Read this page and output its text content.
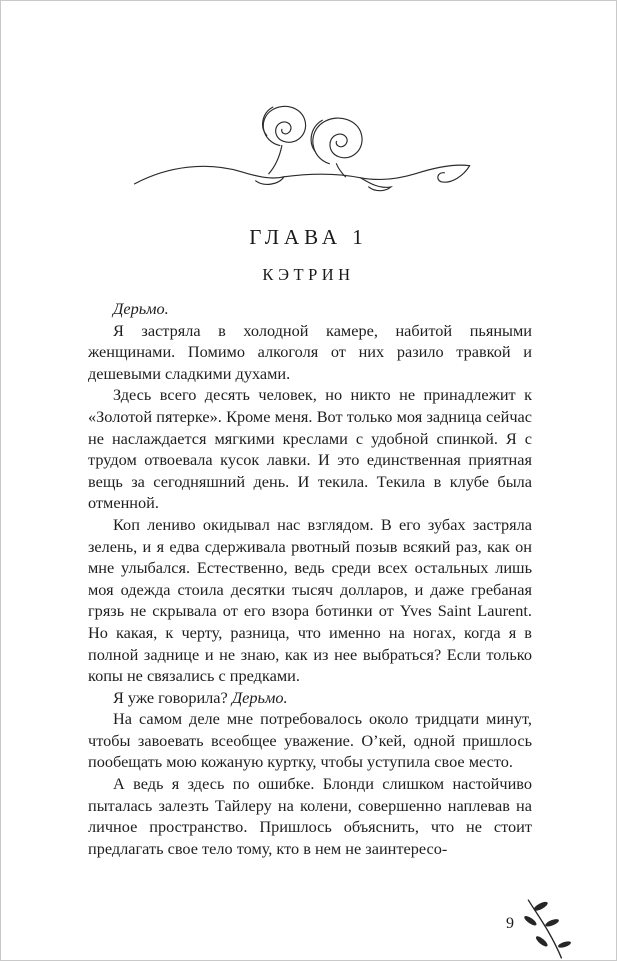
ГЛАВА 1
КЭТРИН

Дерьмо.

Я застряла в холодной камере, набитой пьяными женщинами. Помимо алкоголя от них разило травкой и дешевыми сладкими духами.

Здесь всего десять человек, но никто не принадлежит к «Золотой пятерке». Кроме меня. Вот только моя задница сейчас не наслаждается мягкими креслами с удобной спинкой. Я с трудом отвоевала кусок лавки. И это единственная приятная вещь за сегодняшний день. И текила. Текила в клубе была отменной.

Коп лениво окидывал нас взглядом. В его зубах застряла зелень, и я едва сдерживала рвотный позыв всякий раз, как он мне улыбался. Естественно, ведь среди всех остальных лишь моя одежда стоила десятки тысяч долларов, и даже гребаная грязь не скрывала от его взора ботинки от Yves Saint Laurent. Но какая, к черту, разница, что именно на ногах, когда я в полной заднице и не знаю, как из нее выбраться? Если только копы не связались с предками.

Я уже говорила? Дерьмо.

На самом деле мне потребовалось около тридцати минут, чтобы завоевать всеобщее уважение. О’кей, одной пришлось пообещать мою кожаную куртку, чтобы уступила свое место.

А ведь я здесь по ошибке. Блонди слишком настойчиво пыталась залезть Тайлеру на колени, совершенно наплевав на личное пространство. Пришлось объяснить, что не стоит предлагать свое тело тому, кто в нем не заинтересо-

9
